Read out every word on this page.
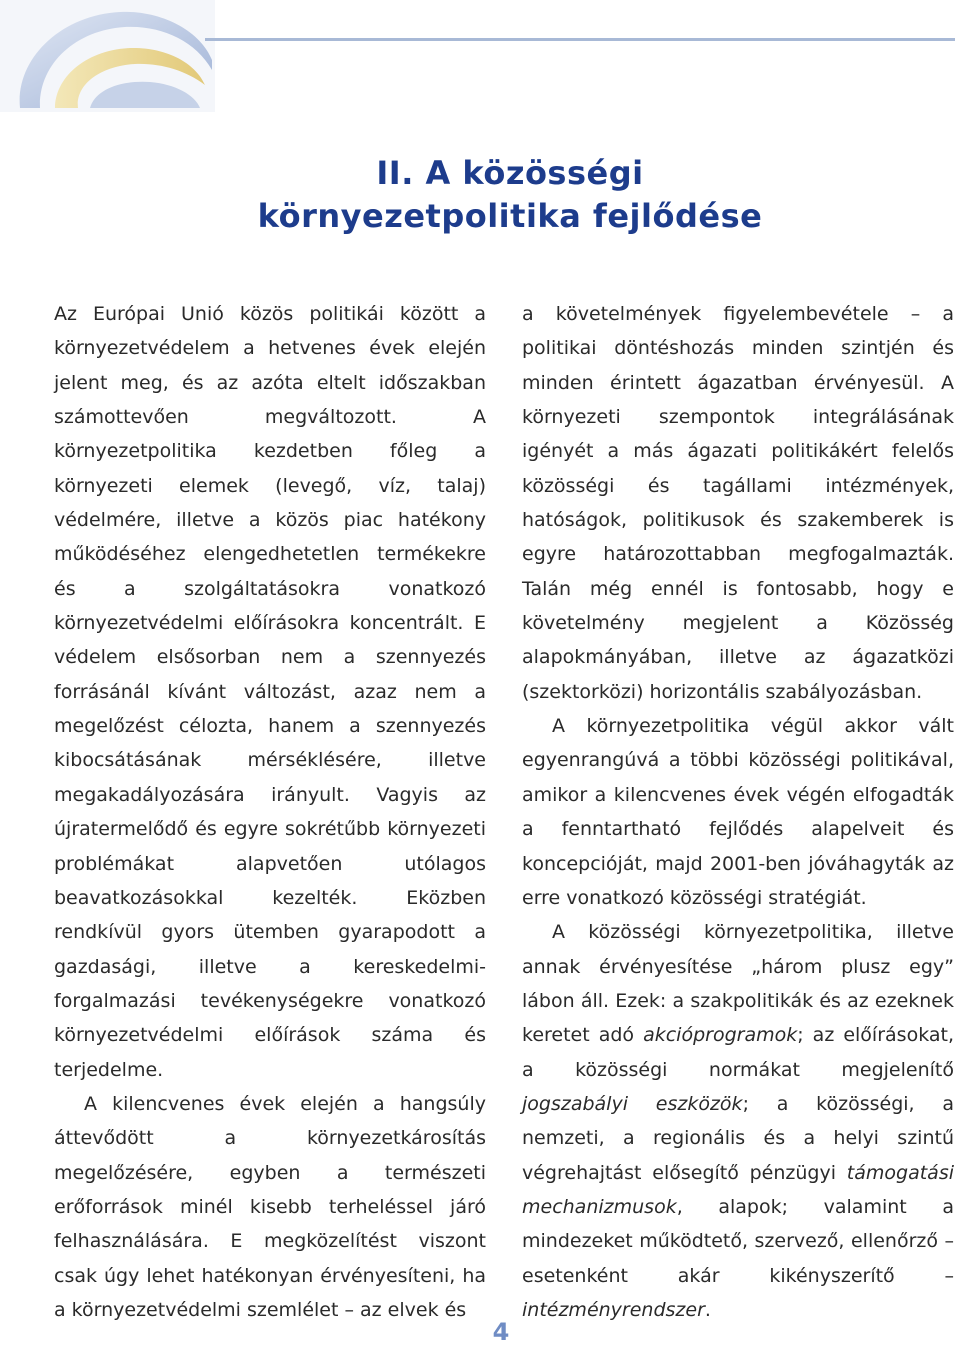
II. A közösségi
környezetpolitika fejlődése

Az Európai Unió közös politikái között a környezetvédelem a hetvenes évek elején jelent meg, és az azóta eltelt időszakban számottevően megváltozott. A környezetpolitika kezdetben főleg a környezeti elemek (levegő, víz, talaj) védelmére, illetve a közös piac hatékony működéséhez elengedhetetlen termékekre és a szolgáltatásokra vonatkozó környezetvédelmi előírásokra koncentrált. E védelem elsősorban nem a szennyezés forrásánál kívánt változást, azaz nem a megelőzést célozta, hanem a szennyezés kibocsátásának mérséklésére, illetve megakadályozására irányult. Vagyis az újratermelődő és egyre sokrétűbb környezeti problémákat alapvetően utólagos beavatkozásokkal kezelték. Eközben rendkívül gyors ütemben gyarapodott a gazdasági, illetve a kereskedelmi-forgalmazási tevékenységekre vonatkozó környezetvédelmi előírások száma és terjedelme.

A kilencvenes évek elején a hangsúly áttevődött a környezetkárosítás megelőzésére, egyben a természeti erőforrások minél kisebb terheléssel járó felhasználására. E megközelítést viszont csak úgy lehet hatékonyan érvényesíteni, ha a környezetvédelmi szemlélet – az elvek és

a követelmények figyelembevétele – a politikai döntéshozás minden szintjén és minden érintett ágazatban érvényesül. A környezeti szempontok integrálásának igényét a más ágazati politikákért felelős közösségi és tagállami intézmények, hatóságok, politikusok és szakemberek is egyre határozottabban megfogalmazták. Talán még ennél is fontosabb, hogy e követelmény megjelent a Közösség alapokmányában, illetve az ágazatközi (szektorközi) horizontális szabályozásban.

A környezetpolitika végül akkor vált egyenrangúvá a többi közösségi politikával, amikor a kilencvenes évek végén elfogadták a fenntartható fejlődés alapelveit és koncepcióját, majd 2001-ben jóváhagyták az erre vonatkozó közösségi stratégiát.

A közösségi környezetpolitika, illetve annak érvényesítése „három plusz egy” lábon áll. Ezek: a szakpolitikák és az ezeknek keretet adó akcióprogramok; az előírásokat, a közösségi normákat megjelenítő jogszabályi eszközök; a közösségi, a nemzeti, a regionális és a helyi szintű végrehajtást elősegítő pénzügyi támogatási mechanizmusok, alapok; valamint a mindezeket működtető, szervező, ellenőrző – esetenként akár kikényszerítő – intézményrendszer.

4
